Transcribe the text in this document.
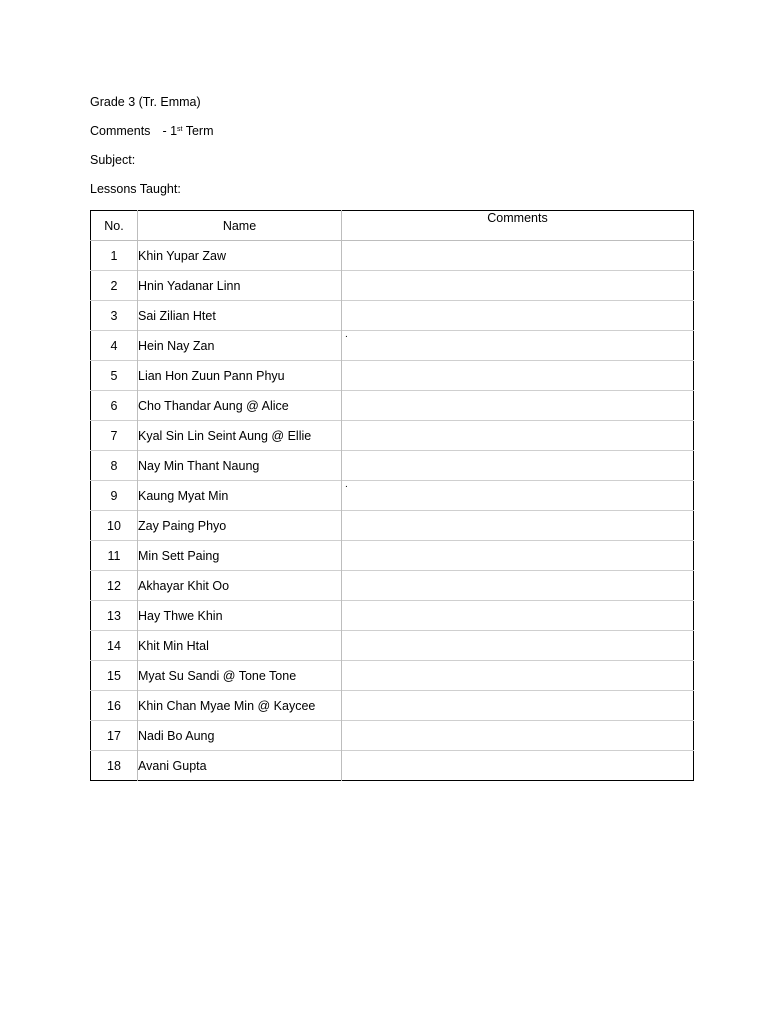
Grade 3 (Tr. Emma)
Comments - 1st Term
Subject:
Lessons Taught:
No.	Name	Comments
1	Khin Yupar Zaw	
2	Hnin Yadanar Linn	
3	Sai Zilian Htet	
4	Hein Nay Zan	.
5	Lian Hon Zuun Pann Phyu	
6	Cho Thandar Aung @ Alice	
7	Kyal Sin Lin Seint Aung @ Ellie	
8	Nay Min Thant Naung	
9	Kaung Myat Min	.
10	Zay Paing Phyo	
11	Min Sett Paing	
12	Akhayar Khit Oo	
13	Hay Thwe Khin	
14	Khit Min Htal	
15	Myat Su Sandi @ Tone Tone	
16	Khin Chan Myae Min @ Kaycee	
17	Nadi Bo Aung	
18	Avani Gupta	
